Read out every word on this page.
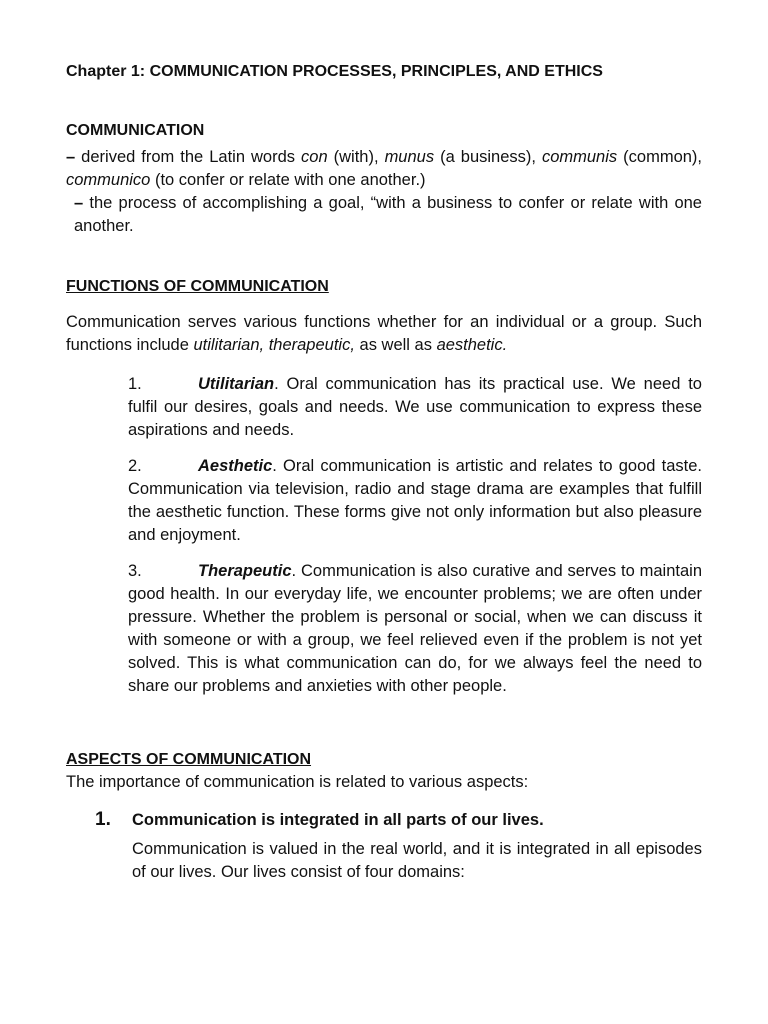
Chapter 1: COMMUNICATION PROCESSES, PRINCIPLES, AND ETHICS
COMMUNICATION

– derived from the Latin words con (with), munus (a business), communis (common), communico (to confer or relate with one another.)

– the process of accomplishing a goal, “with a business to confer or relate with one another.

FUNCTIONS OF COMMUNICATION

Communication serves various functions whether for an individual or a group. Such functions include utilitarian, therapeutic, as well as aesthetic.

1.	Utilitarian. Oral communication has its practical use. We need to fulfil our desires, goals and needs. We use communication to express these aspirations and needs.

2.	Aesthetic. Oral communication is artistic and relates to good taste. Communication via television, radio and stage drama are examples that fulfill the aesthetic function. These forms give not only information but also pleasure and enjoyment.

3.	Therapeutic. Communication is also curative and serves to maintain good health. In our everyday life, we encounter problems; we are often under pressure. Whether the problem is personal or social, when we can discuss it with someone or with a group, we feel relieved even if the problem is not yet solved. This is what communication can do, for we always feel the need to share our problems and anxieties with other people.

ASPECTS OF COMMUNICATION

The importance of communication is related to various aspects:

1. Communication is integrated in all parts of our lives.

Communication is valued in the real world, and it is integrated in all episodes of our lives. Our lives consist of four domains:
